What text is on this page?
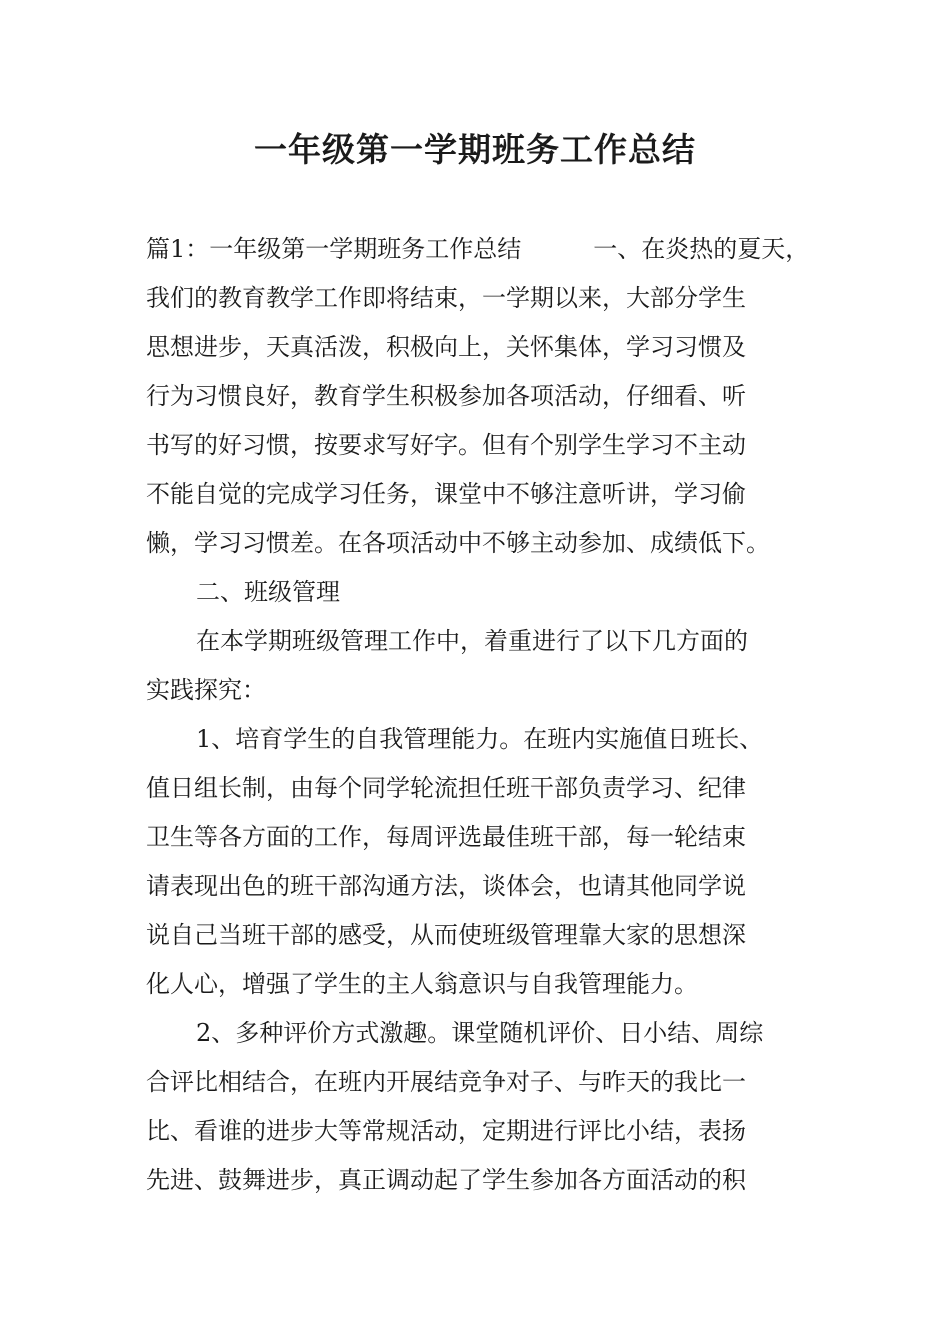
一年级第一学期班务工作总结
篇1：一年级第一学期班务工作总结	一、在炎热的夏天，
我们的教育教学工作即将结束，一学期以来，大部分学生
思想进步，天真活泼，积极向上，关怀集体，学习习惯及
行为习惯良好，教育学生积极参加各项活动，仔细看、听
书写的好习惯，按要求写好字。但有个别学生学习不主动
不能自觉的完成学习任务，课堂中不够注意听讲，学习偷
懒，学习习惯差。在各项活动中不够主动参加、成绩低下。
二、班级管理
在本学期班级管理工作中，着重进行了以下几方面的
实践探究：
1、培育学生的自我管理能力。在班内实施值日班长、
值日组长制，由每个同学轮流担任班干部负责学习、纪律
卫生等各方面的工作，每周评选最佳班干部，每一轮结束
请表现出色的班干部沟通方法，谈体会，也请其他同学说
说自己当班干部的感受，从而使班级管理靠大家的思想深
化人心，增强了学生的主人翁意识与自我管理能力。
2、多种评价方式激趣。课堂随机评价、日小结、周综
合评比相结合，在班内开展结竞争对子、与昨天的我比一
比、看谁的进步大等常规活动，定期进行评比小结，表扬
先进、鼓舞进步，真正调动起了学生参加各方面活动的积
